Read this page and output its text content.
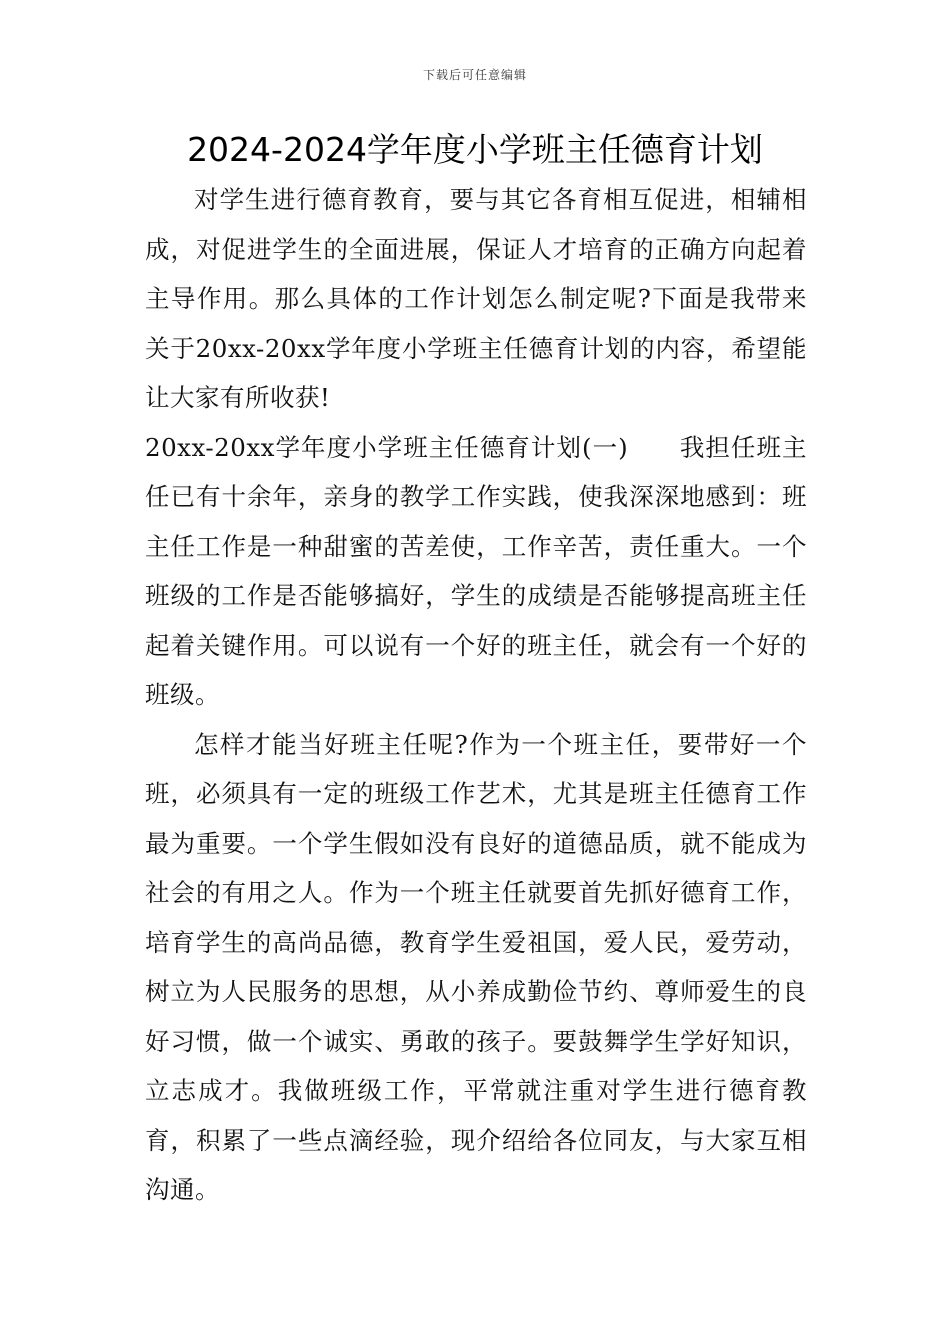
下载后可任意编辑
2024-2024学年度小学班主任德育计划

对学生进行德育教育，要与其它各育相互促进，相辅相成，对促进学生的全面进展，保证人才培育的正确方向起着主导作用。那么具体的工作计划怎么制定呢?下面是我带来关于20xx-20xx学年度小学班主任德育计划的内容，希望能让大家有所收获!

20xx-20xx学年度小学班主任德育计划(一)　　我担任班主任已有十余年，亲身的教学工作实践，使我深深地感到：班主任工作是一种甜蜜的苦差使，工作辛苦，责任重大。一个班级的工作是否能够搞好，学生的成绩是否能够提高班主任起着关键作用。可以说有一个好的班主任，就会有一个好的班级。

怎样才能当好班主任呢?作为一个班主任，要带好一个班，必须具有一定的班级工作艺术，尤其是班主任德育工作最为重要。一个学生假如没有良好的道德品质，就不能成为社会的有用之人。作为一个班主任就要首先抓好德育工作，培育学生的高尚品德，教育学生爱祖国，爱人民，爱劳动，树立为人民服务的思想，从小养成勤俭节约、尊师爱生的良好习惯，做一个诚实、勇敢的孩子。要鼓舞学生学好知识，立志成才。我做班级工作，平常就注重对学生进行德育教育，积累了一些点滴经验，现介绍给各位同友，与大家互相沟通。
